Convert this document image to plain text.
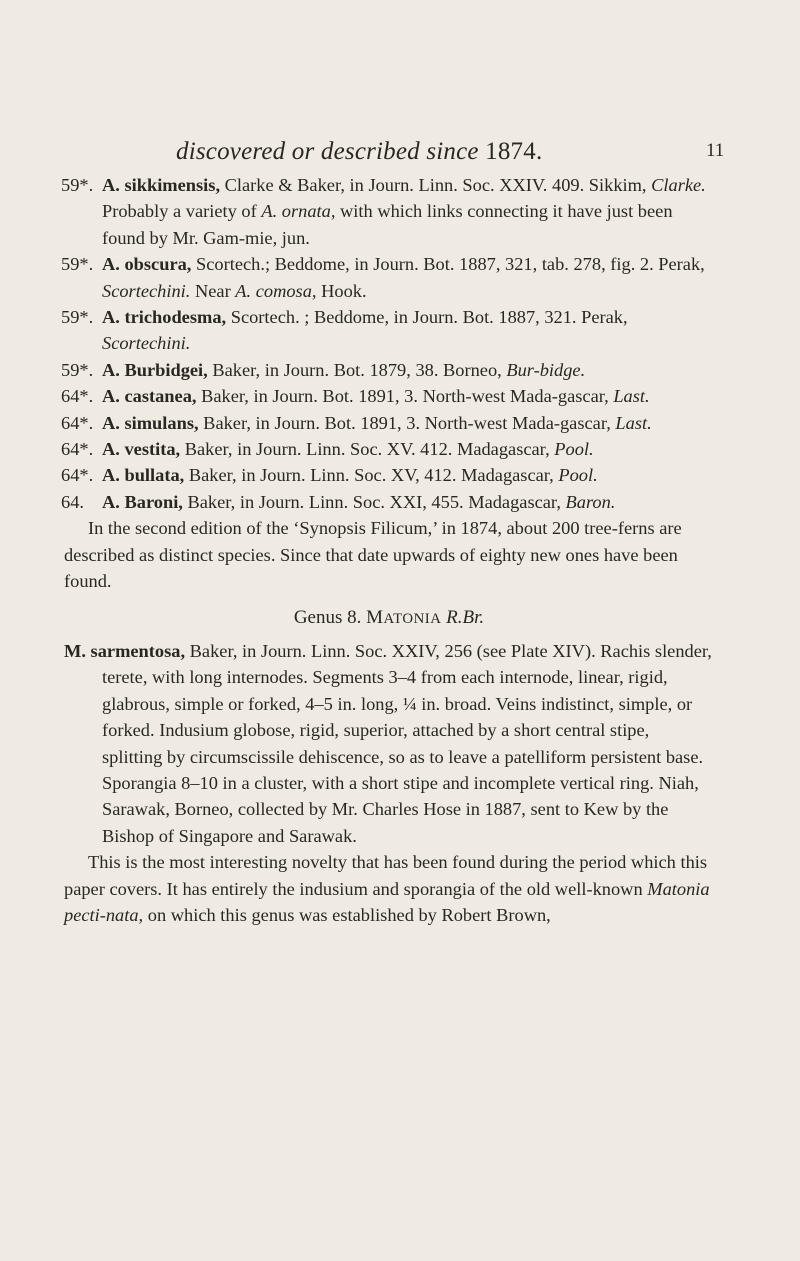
discovered or described since 1874.	11
59*. A. sikkimensis, Clarke & Baker, in Journ. Linn. Soc. XXIV. 409. Sikkim, Clarke. Probably a variety of A. ornata, with which links connecting it have just been found by Mr. Gam-mie, jun.
59*. A. obscura, Scortech.; Beddome, in Journ. Bot. 1887, 321, tab. 278, fig. 2. Perak, Scortechini. Near A. comosa, Hook.
59*. A. trichodesma, Scortech. ; Beddome, in Journ. Bot. 1887, 321. Perak, Scortechini.
59*. A. Burbidgei, Baker, in Journ. Bot. 1879, 38. Borneo, Bur-bidge.
64*. A. castanea, Baker, in Journ. Bot. 1891, 3. North-west Mada-gascar, Last.
64*. A. simulans, Baker, in Journ. Bot. 1891, 3. North-west Mada-gascar, Last.
64*. A. vestita, Baker, in Journ. Linn. Soc. XV. 412. Madagascar, Pool.
64*. A. bullata, Baker, in Journ. Linn. Soc. XV, 412. Madagascar, Pool.
64. A. Baroni, Baker, in Journ. Linn. Soc. XXI, 455. Madagascar, Baron.
In the second edition of the ‘Synopsis Filicum,’ in 1874, about 200 tree-ferns are described as distinct species. Since that date upwards of eighty new ones have been found.
Genus 8. MATONIA R.Br.
M. sarmentosa, Baker, in Journ. Linn. Soc. XXIV, 256 (see Plate XIV). Rachis slender, terete, with long internodes. Segments 3–4 from each internode, linear, rigid, glabrous, simple or forked, 4–5 in. long, ¼ in. broad. Veins indistinct, simple, or forked. Indusium globose, rigid, superior, attached by a short central stipe, splitting by circumscissile dehiscence, so as to leave a patelliform persistent base. Sporangia 8–10 in a cluster, with a short stipe and incomplete vertical ring. Niah, Sarawak, Borneo, collected by Mr. Charles Hose in 1887, sent to Kew by the Bishop of Singapore and Sarawak.
This is the most interesting novelty that has been found during the period which this paper covers. It has entirely the indusium and sporangia of the old well-known Matonia pecti-nata, on which this genus was established by Robert Brown,
